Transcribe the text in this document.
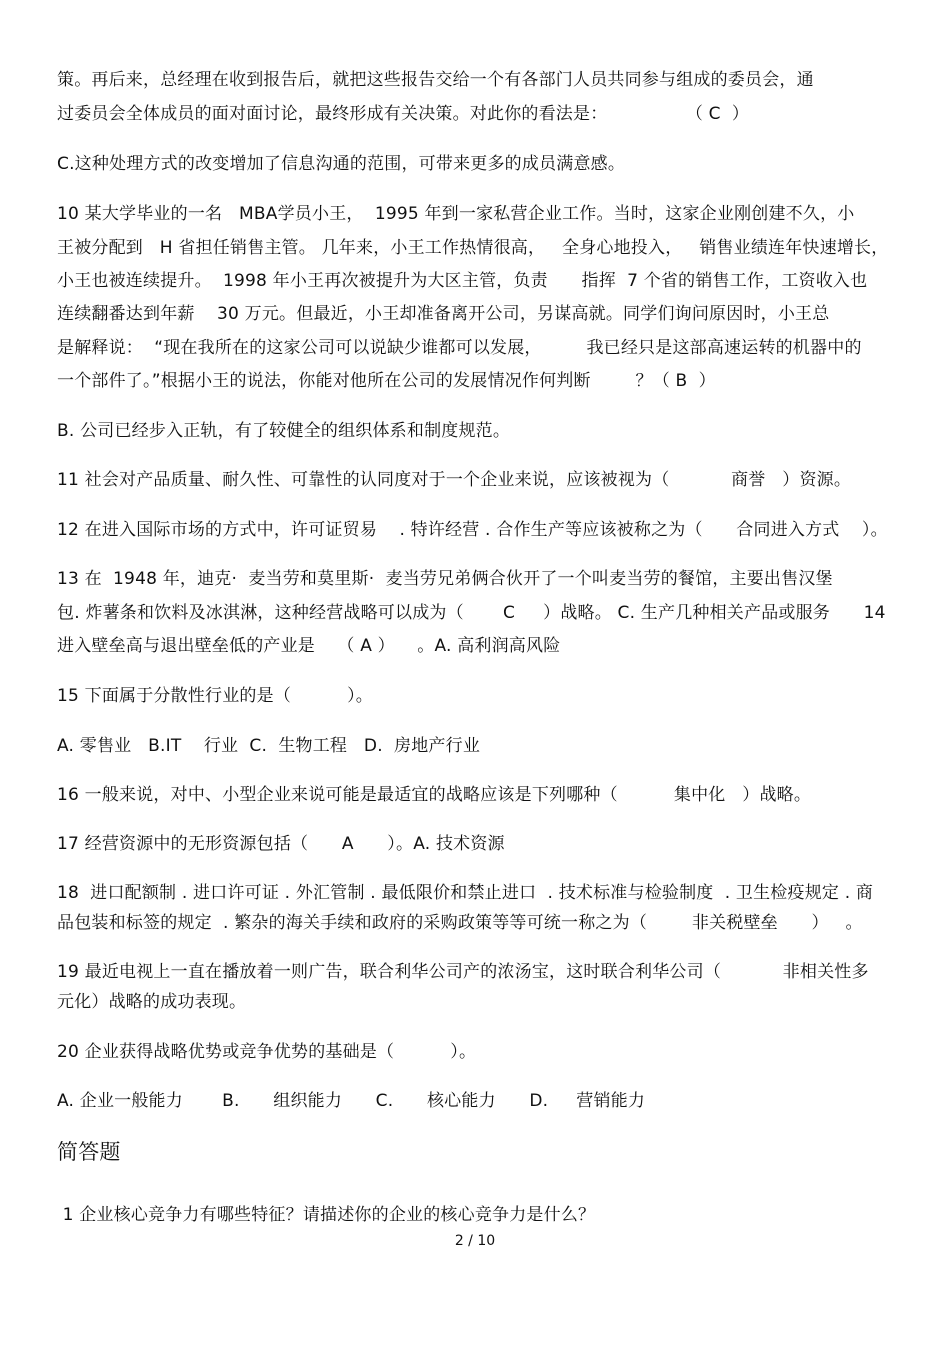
策。再后来，总经理在收到报告后，就把这些报告交给一个有各部门人员共同参与组成的委员会，通
过委员会全体成员的面对面讨论，最终形成有关决策。对此你的看法是：              （ C  ）
C.这种处理方式的改变增加了信息沟通的范围，可带来更多的成员满意感。
10 某大学毕业的一名   MBA学员小王，  1995 年到一家私营企业工作。当时，这家企业刚创建不久，小
王被分配到   H 省担任销售主管。 几年来，小王工作热情很高，   全身心地投入，   销售业绩连年快速增长，
小王也被连续提升。  1998 年小王再次被提升为大区主管，负责      指挥  7 个省的销售工作，工资收入也
连续翻番达到年薪    30 万元。但最近，小王却准备离开公司，另谋高就。同学们询问原因时，小王总
是解释说：  “现在我所在的这家公司可以说缺少谁都可以发展，        我已经只是这部高速运转的机器中的
一个部件了。”根据小王的说法，你能对他所在公司的发展情况作何判断        ？（ B  ）
B. 公司已经步入正轨，有了较健全的组织体系和制度规范。
11 社会对产品质量、耐久性、可靠性的认同度对于一个企业来说，应该被视为（           商誉   ）资源。
12 在进入国际市场的方式中，许可证贸易    . 特许经营 . 合作生产等应该被称之为（      合同进入方式    ）。
13 在  1948 年，迪克·  麦当劳和莫里斯·  麦当劳兄弟俩合伙开了一个叫麦当劳的餐馆，主要出售汉堡
包. 炸薯条和饮料及冰淇淋，这种经营战略可以成为（       C     ）战略。 C. 生产几种相关产品或服务      14
进入壁垒高与退出壁垒低的产业是    （ A ）    。A. 高利润高风险
15 下面属于分散性行业的是（          ）。
A. 零售业   B.IT    行业  C.  生物工程   D.  房地产行业
16 一般来说，对中、小型企业来说可能是最适宜的战略应该是下列哪种（          集中化   ）战略。
17 经营资源中的无形资源包括（      A      ）。A. 技术资源
18  进口配额制 . 进口许可证 . 外汇管制 . 最低限价和禁止进口  . 技术标准与检验制度  . 卫生检疫规定 . 商
品包装和标签的规定  . 繁杂的海关手续和政府的采购政策等等可统一称之为（        非关税壁垒      ）   。
19 最近电视上一直在播放着一则广告，联合利华公司产的浓汤宝，这时联合利华公司（           非相关性多
元化）战略的成功表现。
20 企业获得战略优势或竞争优势的基础是（          ）。
A. 企业一般能力       B.      组织能力      C.      核心能力      D.     营销能力
简答题
1 企业核心竞争力有哪些特征？请描述你的企业的核心竞争力是什么？
2 / 10
